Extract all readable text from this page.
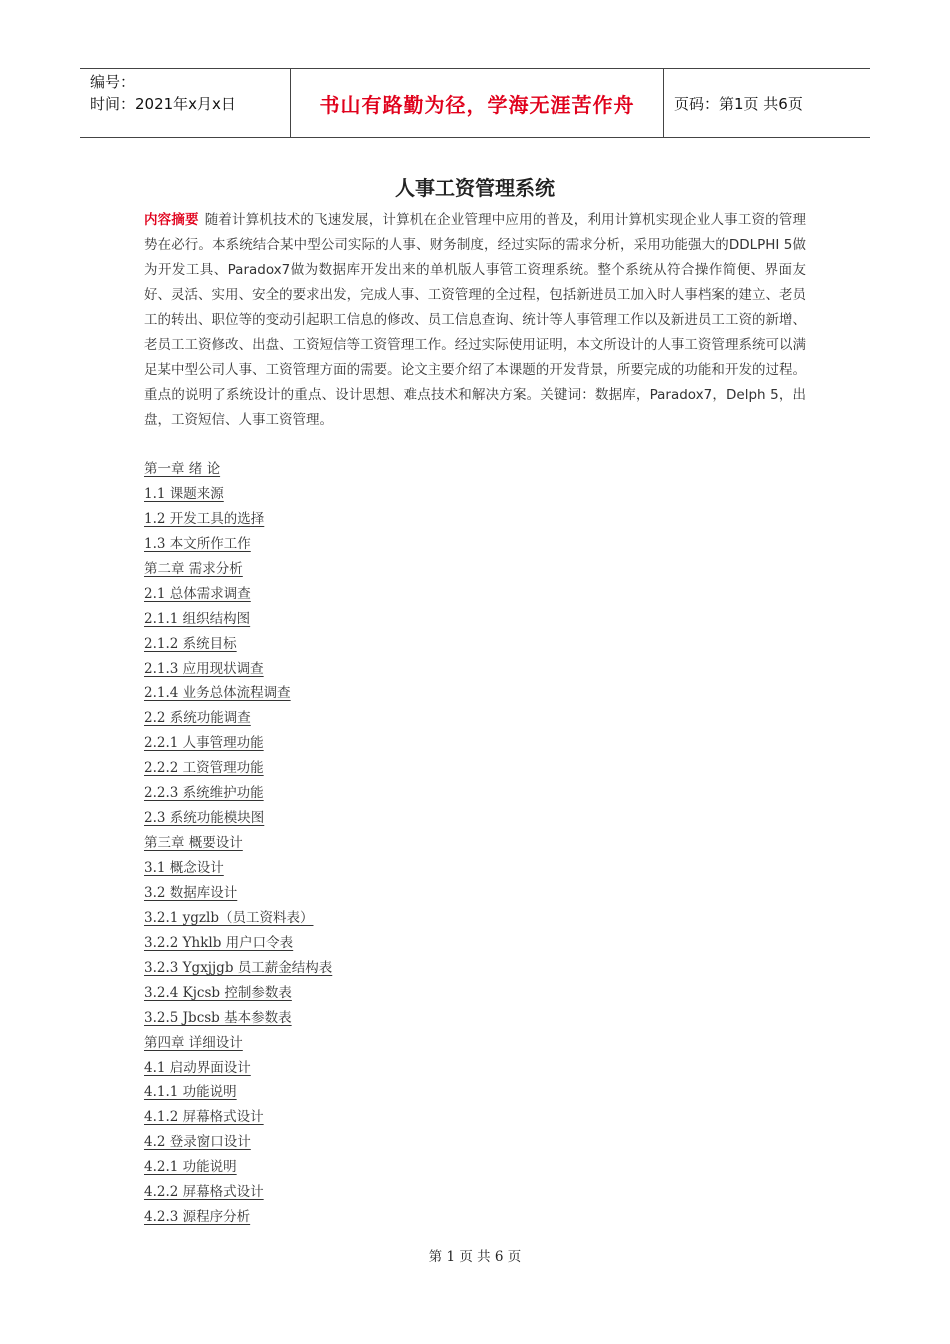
编号：
时间：2021年x月x日	书山有路勤为径，学海无涯苦作舟	页码：第1页 共6页
人事工资管理系统
内容摘要 随着计算机技术的飞速发展，计算机在企业管理中应用的普及，利用计算机实现企业人事工资的管理势在必行。本系统结合某中型公司实际的人事、财务制度，经过实际的需求分析，采用功能强大的DDLPHI 5做为开发工具、Paradox7做为数据库开发出来的单机版人事管工资理系统。整个系统从符合操作简便、界面友好、灵活、实用、安全的要求出发，完成人事、工资管理的全过程，包括新进员工加入时人事档案的建立、老员工的转出、职位等的变动引起职工信息的修改、员工信息查询、统计等人事管理工作以及新进员工工资的新增、老员工工资修改、出盘、工资短信等工资管理工作。经过实际使用证明，本文所设计的人事工资管理系统可以满足某中型公司人事、工资管理方面的需要。论文主要介绍了本课题的开发背景，所要完成的功能和开发的过程。重点的说明了系统设计的重点、设计思想、难点技术和解决方案。关键词：数据库，Paradox7，Delph 5，出盘，工资短信、人事工资管理。
第一章 绪 论
1.1 课题来源
1.2 开发工具的选择
1.3 本文所作工作
第二章 需求分析
2.1 总体需求调查
2.1.1 组织结构图
2.1.2 系统目标
2.1.3 应用现状调查
2.1.4 业务总体流程调查
2.2 系统功能调查
2.2.1 人事管理功能
2.2.2 工资管理功能
2.2.3 系统维护功能
2.3 系统功能模块图
第三章 概要设计
3.1 概念设计
3.2 数据库设计
3.2.1 ygzlb（员工资料表）
3.2.2 Yhklb 用户口令表
3.2.3 Ygxjjgb 员工薪金结构表
3.2.4 Kjcsb 控制参数表
3.2.5 Jbcsb 基本参数表
第四章 详细设计
4.1 启动界面设计
4.1.1 功能说明
4.1.2 屏幕格式设计
4.2 登录窗口设计
4.2.1 功能说明
4.2.2 屏幕格式设计
4.2.3 源程序分析
第 1 页 共 6 页
